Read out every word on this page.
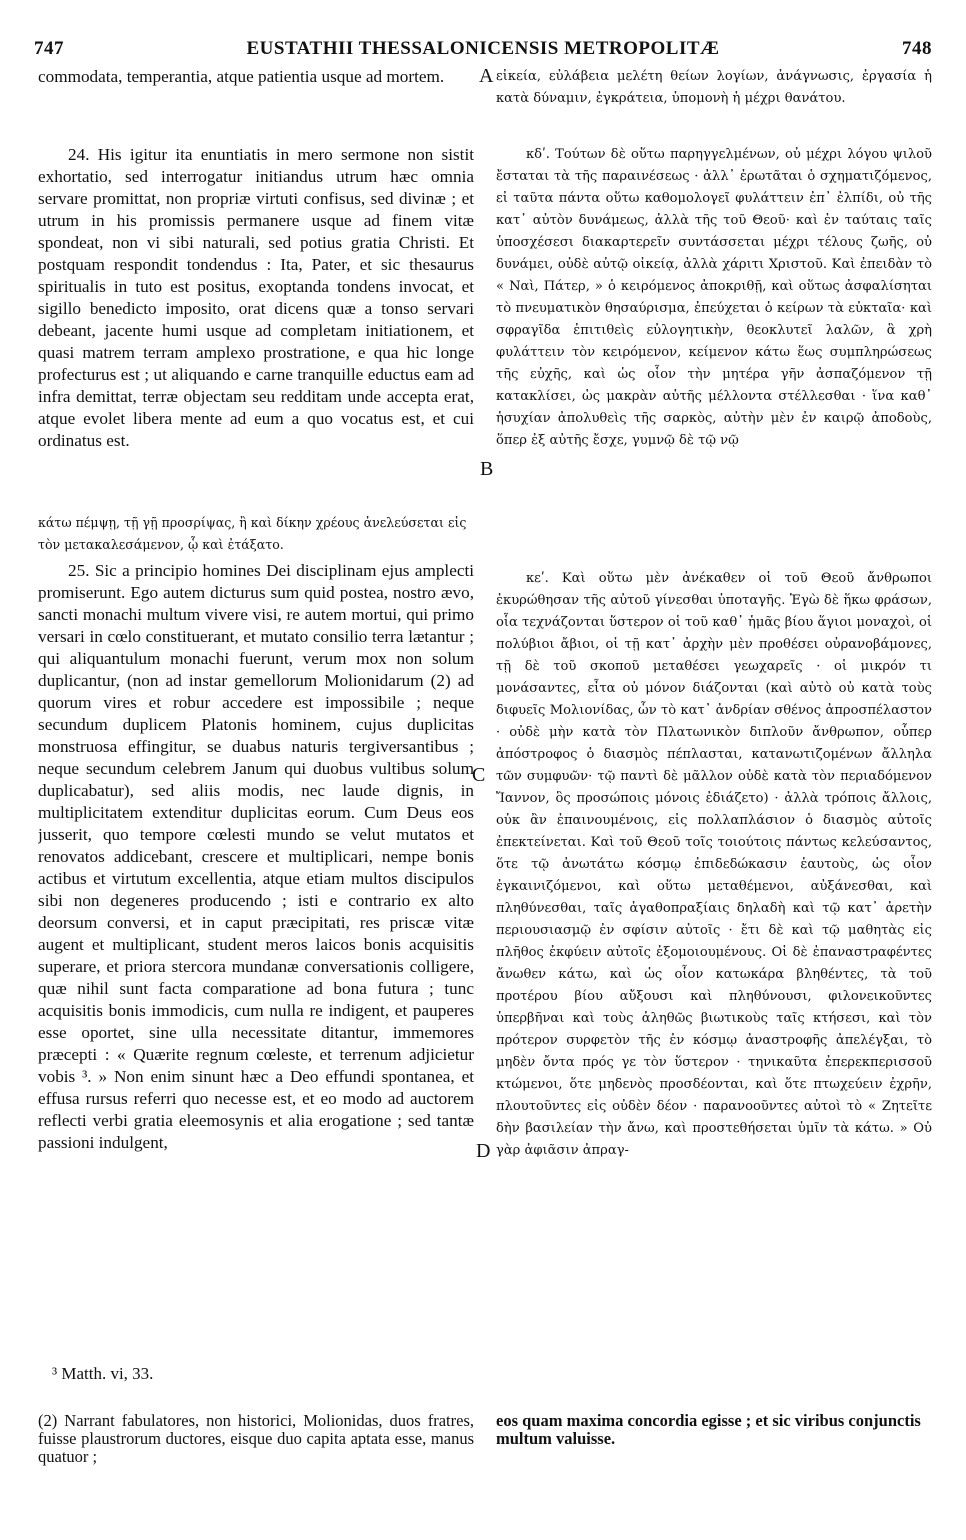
747	EUSTATHII THESSALONICENSIS METROPOLITÆ	748

commodata, temperantia, atque patientia usque ad mortem.

24. His igitur ita enuntiatis in mero sermone non sistit exhortatio, sed interrogatur initiandus utrum hæc omnia servare promittat, non propriæ virtuti confisus, sed divinæ ; et utrum in his promissis permanere usque ad finem vitæ spondeat, non vi sibi naturali, sed potius gratia Christi. Et postquam respondit tondendus : Ita, Pater, et sic thesaurus spiritualis in tuto est positus, exoptanda tondens invocat, et sigillo benedicto imposito, orat dicens quæ a tonso servari debeant, jacente humi usque ad completam initiationem, et quasi matrem terram amplexo prostratione, e qua hic longe profecturus est ; ut aliquando e carne tranquille eductus eam ad infra demittat, terræ objectam seu redditam unde accepta erat, atque evolet libera mente ad eum a quo vocatus est, et cui ordinatus est.

κάτω πέμψῃ, τῇ γῇ προσρίψας, ἢ καὶ δίκην χρέους ἀνελεύσεται εἰς τὸν μετακαλεσάμενον, ᾧ καὶ ἐτάξατο.

25. Sic a principio homines Dei disciplinam ejus amplecti promiserunt. Ego autem dicturus sum quid postea, nostro ævo, sancti monachi multum vivere visi, re autem mortui, qui primo versari in cœlo constituerant, et mutato consilio terra lætantur ; qui aliquantulum monachi fuerunt, verum mox non solum duplicantur, (non ad instar gemellorum Molionidarum (2) ad quorum vires et robur accedere est impossibile ; neque secundum duplicem Platonis hominem, cujus duplicitas monstruosa effingitur, se duabus naturis tergiversantibus ; neque secundum celebrem Janum qui duobus vultibus solum duplicabatur), sed aliis modis, nec laude dignis, in multiplicitatem extenditur duplicitas eorum. Cum Deus eos jusserit, quo tempore cœlesti mundo se velut mutatos et renovatos addicebant, crescere et multiplicari, nempe bonis actibus et virtutum excellentia, atque etiam multos discipulos sibi non degeneres producendo ; isti e contrario ex alto deorsum conversi, et in caput præcipitati, res priscæ vitæ augent et multiplicant, student meros laicos bonis acquisitis superare, et priora stercora mundanæ conversationis colligere, quæ nihil sunt facta comparatione ad bona futura ; tunc acquisitis bonis immodicis, cum nulla re indigent, et pauperes esse oportet, sine ulla necessitate ditantur, immemores præcepti : « Quærite regnum cœleste, et terrenum adjicietur vobis ³. » Non enim sinunt hæc a Deo effundi spontanea, et effusa rursus referri quo necesse est, et eo modo ad auctorem reflecti verbi gratia eleemosynis et alia erogatione ; sed tantæ passioni indulgent,

A
B
C
D

εἰκεία, εὐλάβεια μελέτη θείων λογίων, ἀνάγνωσις, ἐργασία ἡ κατὰ δύναμιν, ἐγκράτεια, ὑπομονὴ ἡ μέχρι θανάτου.

κδʹ. Τούτων δὲ οὕτω παρηγγελμένων, οὐ μέχρι λόγου ψιλοῦ ἔσταται τὰ τῆς παραινέσεως · ἀλλ᾽ ἐρωτᾶται ὁ σχηματιζόμενος, εἰ ταῦτα πάντα οὕτω καθομολογεῖ φυλάττειν ἐπ᾽ ἐλπίδι, οὐ τῆς κατ᾽ αὐτὸν δυνάμεως, ἀλλὰ τῆς τοῦ Θεοῦ· καὶ ἐν ταύταις ταῖς ὑποσχέσεσι διακαρτερεῖν συντάσσεται μέχρι τέλους ζωῆς, οὐ δυνάμει, οὐδὲ αὐτῷ οἰκείᾳ, ἀλλὰ χάριτι Χριστοῦ. Καὶ ἐπειδὰν τὸ « Ναὶ, Πάτερ, » ὁ κειρόμενος ἀποκριθῇ, καὶ οὕτως ἀσφαλίσηται τὸ πνευματικὸν θησαύρισμα, ἐπεύχεται ὁ κείρων τὰ εὐκταῖα· καὶ σφραγῖδα ἐπιτιθεὶς εὐλογητικὴν, θεοκλυτεῖ λαλῶν, ἃ χρὴ φυλάττειν τὸν κειρόμενον, κείμενον κάτω ἕως συμπληρώσεως τῆς εὐχῆς, καὶ ὡς οἷον τὴν μητέρα γῆν ἀσπαζόμενον τῇ κατακλίσει, ὡς μακρὰν αὐτῆς μέλλοντα στέλλεσθαι · ἵνα καθ᾽ ἡσυχίαν ἀπολυθεὶς τῆς σαρκὸς, αὐτὴν μὲν ἐν καιρῷ ἀποδοὺς, ὅπερ ἐξ αὐτῆς ἔσχε, γυμνῷ δὲ τῷ νῷ

κεʹ. Καὶ οὕτω μὲν ἀνέκαθεν οἱ τοῦ Θεοῦ ἄνθρωποι ἐκυρώθησαν τῆς αὐτοῦ γίνεσθαι ὑποταγῆς. Ἐγὼ δὲ ἥκω φράσων, οἷα τεχνάζονται ὕστερον οἱ τοῦ καθ᾽ ἡμᾶς βίου ἅγιοι μοναχοὶ, οἱ πολύβιοι ἄβιοι, οἱ τῇ κατ᾽ ἀρχὴν μὲν προθέσει οὐρανοβάμονες, τῇ δὲ τοῦ σκοποῦ μεταθέσει γεωχαρεῖς · οἱ μικρόν τι μονάσαντες, εἶτα οὐ μόνον διάζονται (καὶ αὐτὸ οὐ κατὰ τοὺς διφυεῖς Μολιονίδας, ὧν τὸ κατ᾽ ἀνδρίαν σθένος ἀπροσπέλαστον · οὐδὲ μὴν κατὰ τὸν Πλατωνικὸν διπλοῦν ἄνθρωπον, οὗπερ ἀπόστροφος ὁ διασμὸς πέπλασται, κατανωτιζομένων ἄλληλα τῶν συμφυῶν· τῷ παντὶ δὲ μᾶλλον οὐδὲ κατὰ τὸν περιαδόμενον Ἴαννον, ὃς προσώποις μόνοις ἐδιάζετο) · ἀλλὰ τρόποις ἄλλοις, οὐκ ἂν ἐπαινουμένοις, εἰς πολλαπλάσιον ὁ διασμὸς αὐτοῖς ἐπεκτείνεται. Καὶ τοῦ Θεοῦ τοῖς τοιούτοις πάντως κελεύσαντος, ὅτε τῷ ἀνωτάτω κόσμῳ ἐπιδεδώκασιν ἑαυτοὺς, ὡς οἷον ἐγκαινιζόμενοι, καὶ οὕτω μεταθέμενοι, αὐξάνεσθαι, καὶ πληθύνεσθαι, ταῖς ἀγαθοπραξίαις δηλαδὴ καὶ τῷ κατ᾽ ἀρετὴν περιουσιασμῷ ἐν σφίσιν αὐτοῖς · ἔτι δὲ καὶ τῷ μαθητὰς εἰς πλῆθος ἐκφύειν αὐτοῖς ἐξομοιουμένους. Οἱ δὲ ἐπαναστραφέντες ἄνωθεν κάτω, καὶ ὡς οἷον κατωκάρα βληθέντες, τὰ τοῦ προτέρου βίου αὔξουσι καὶ πληθύνουσι, φιλονεικοῦντες ὑπερβῆναι καὶ τοὺς ἀληθῶς βιωτικοὺς ταῖς κτήσεσι, καὶ τὸν πρότερον συρφετὸν τῆς ἐν κόσμῳ ἀναστροφῆς ἀπελέγξαι, τὸ μηδὲν ὄντα πρός γε τὸν ὕστερον · τηνικαῦτα ἐπερεκπερισσοῦ κτώμενοι, ὅτε μηδενὸς προσδέονται, καὶ ὅτε πτωχεύειν ἐχρῆν, πλουτοῦντες εἰς οὐδὲν δέον · παρανοοῦντες αὐτοὶ τὸ « Ζητεῖτε δὴν βασιλείαν τὴν ἄνω, καὶ προστεθήσεται ὑμῖν τὰ κάτω. » Οὐ γὰρ ἀφιᾶσιν ἀπραγ-

³ Matth. vi, 33.
(2) Narrant fabulatores, non historici, Molionidas, duos fratres, fuisse plaustrorum ductores, eisque duo capita aptata esse, manus quatuor ;
eos quam maxima concordia egisse ; et sic viribus conjunctis multum valuisse.
